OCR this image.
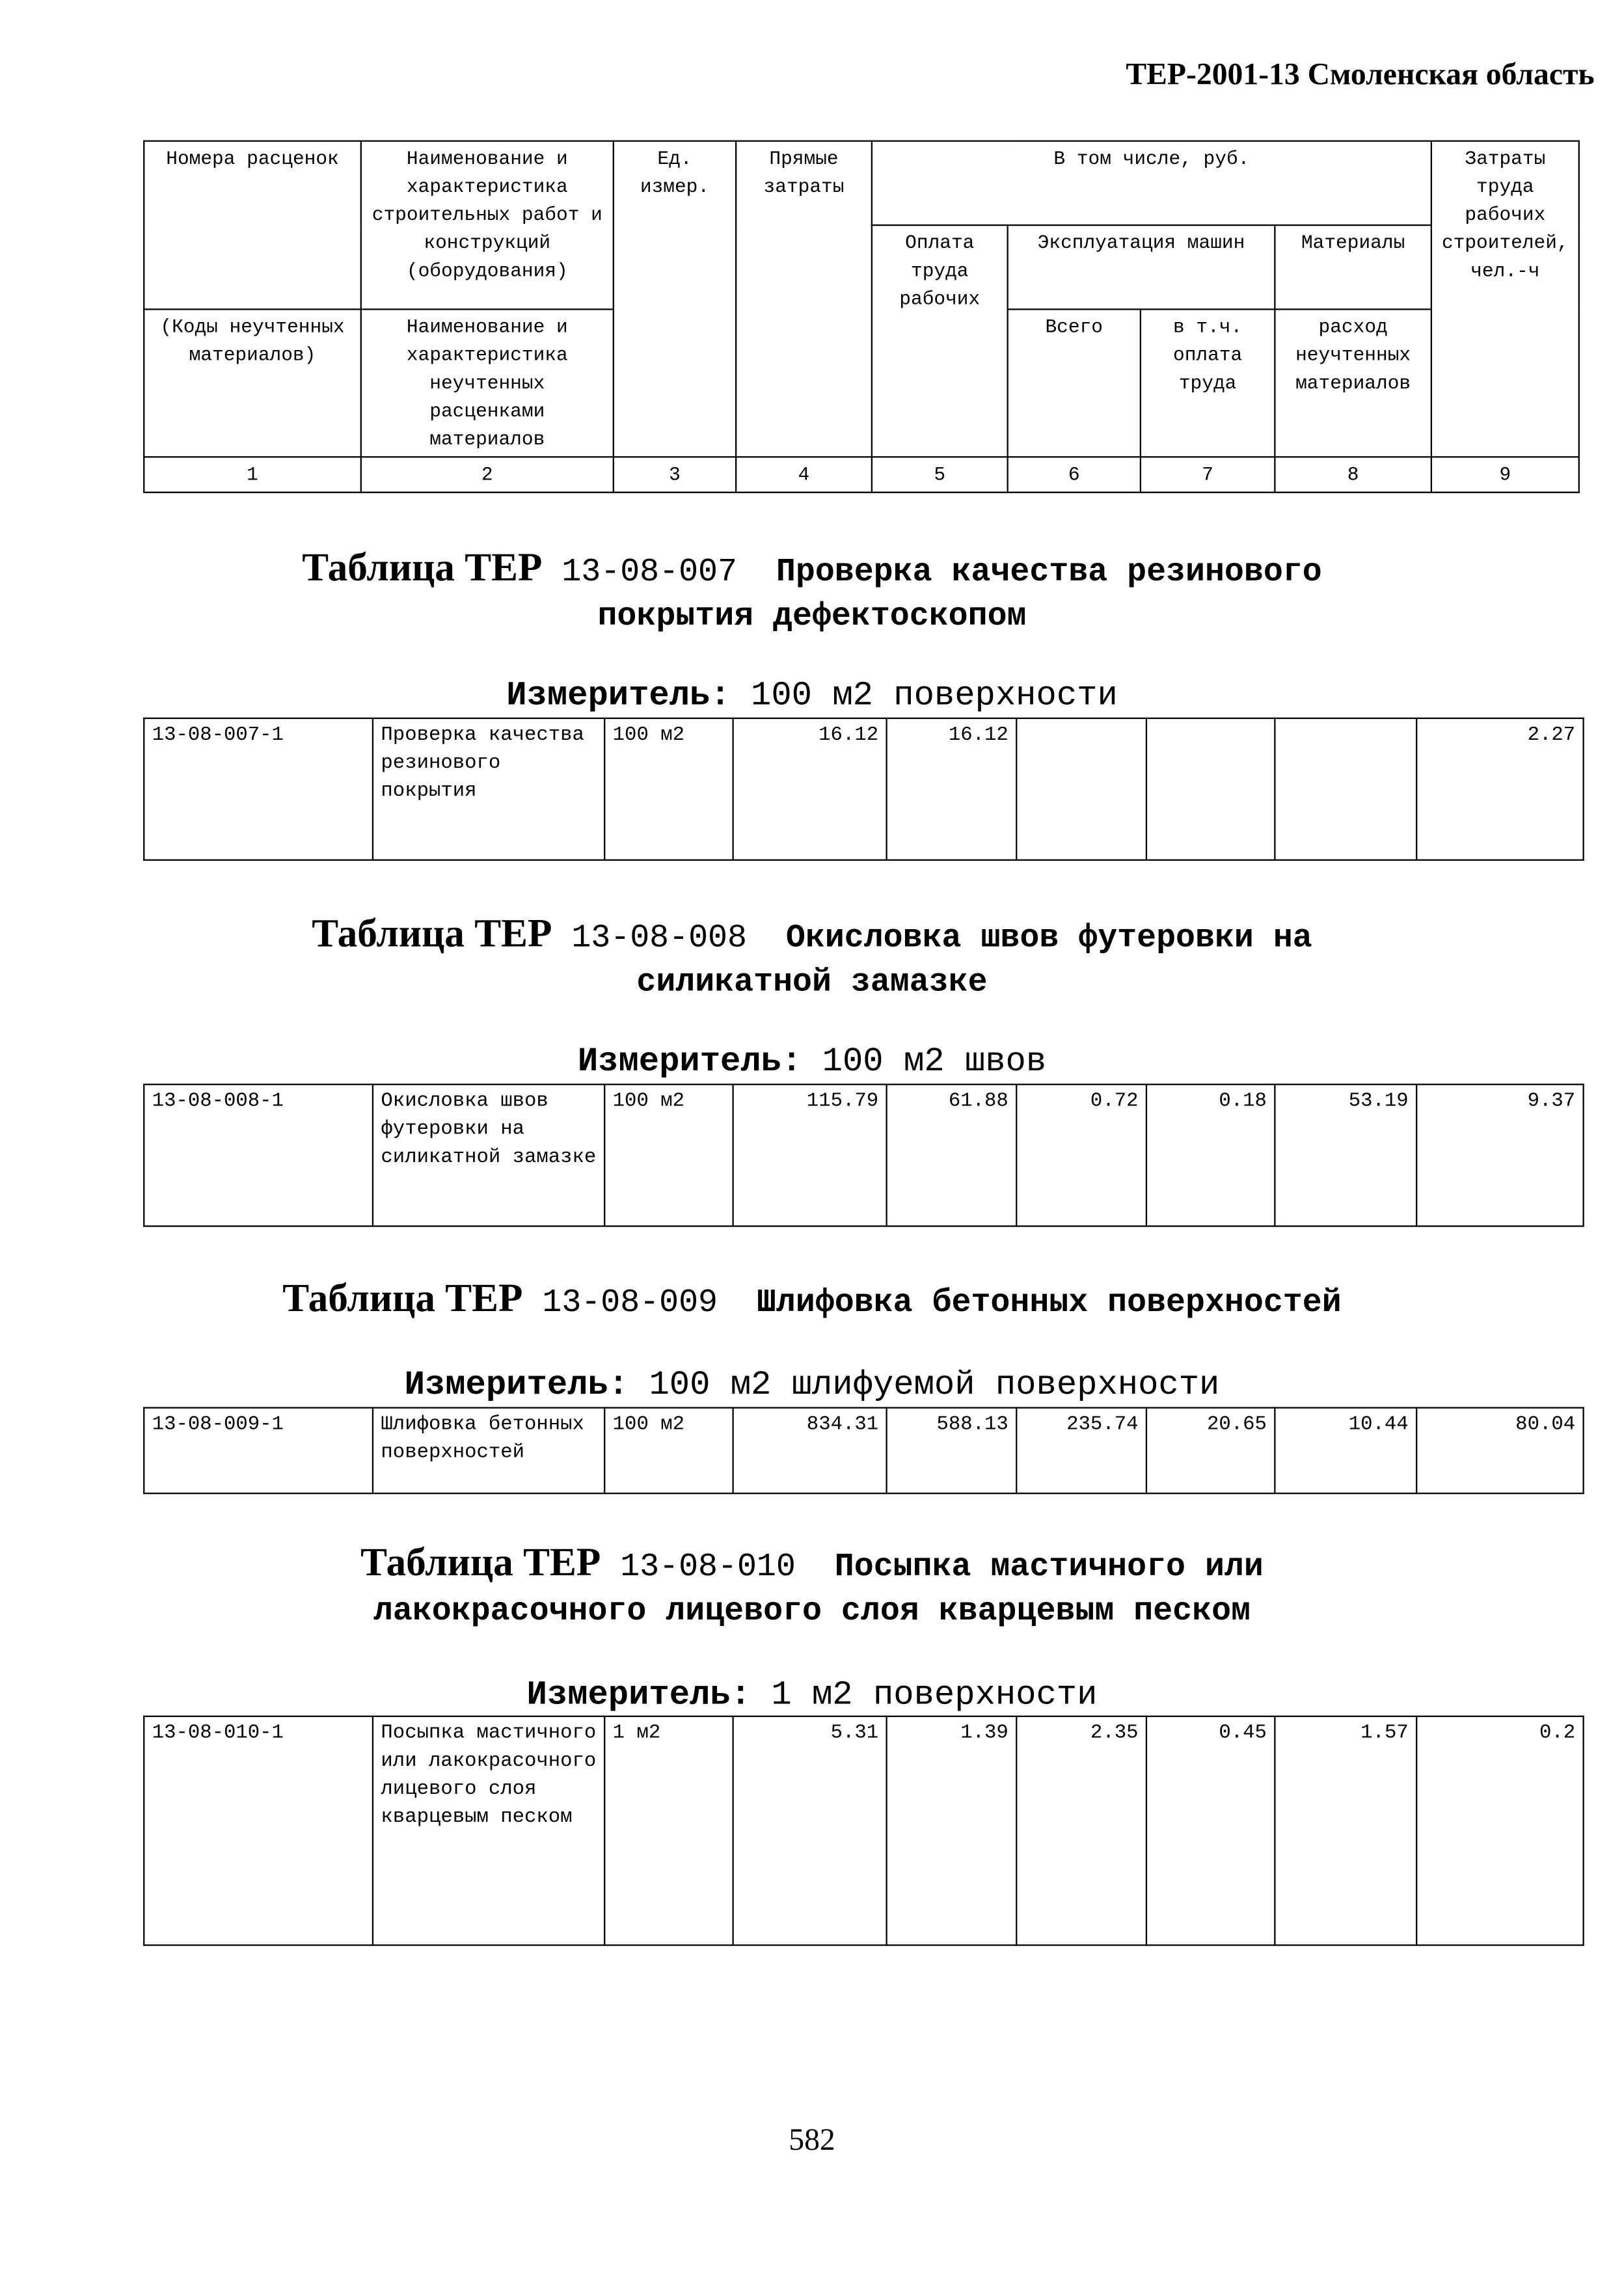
ТЕР-2001-13 Смоленская область
Номера расценок	Наименование и характеристика строительных работ и конструкций (оборудования)	Ед. измер.	Прямые затраты	В том числе, руб.				Затраты труда рабочих строителей, чел.-ч
				Оплата труда рабочих	Эксплуатация машин		Материалы	
(Коды неучтенных материалов)	Наименование и характеристика неучтенных расценками материалов				Всего	в т.ч. оплата труда	расход неучтенных материалов	
1	2	3	4	5	6	7	8	9
Таблица ТЕР 13-08-007	Проверка качества резинового
покрытия дефектоскопом
Измеритель: 100 м2 поверхности
13-08-007-1	Проверка качества резинового покрытия	100 м2	16.12	16.12				2.27
Таблица ТЕР 13-08-008	Окисловка швов футеровки на
силикатной замазке
Измеритель: 100 м2 швов
13-08-008-1	Окисловка швов футеровки на силикатной замазке	100 м2	115.79	61.88	0.72	0.18	53.19	9.37
Таблица ТЕР 13-08-009	Шлифовка бетонных поверхностей
Измеритель: 100 м2 шлифуемой поверхности
13-08-009-1	Шлифовка бетонных поверхностей	100 м2	834.31	588.13	235.74	20.65	10.44	80.04
Таблица ТЕР 13-08-010	Посыпка мастичного или
лакокрасочного лицевого слоя кварцевым песком
Измеритель: 1 м2 поверхности
13-08-010-1	Посыпка мастичного или лакокрасочного лицевого слоя кварцевым песком	1 м2	5.31	1.39	2.35	0.45	1.57	0.2
582
